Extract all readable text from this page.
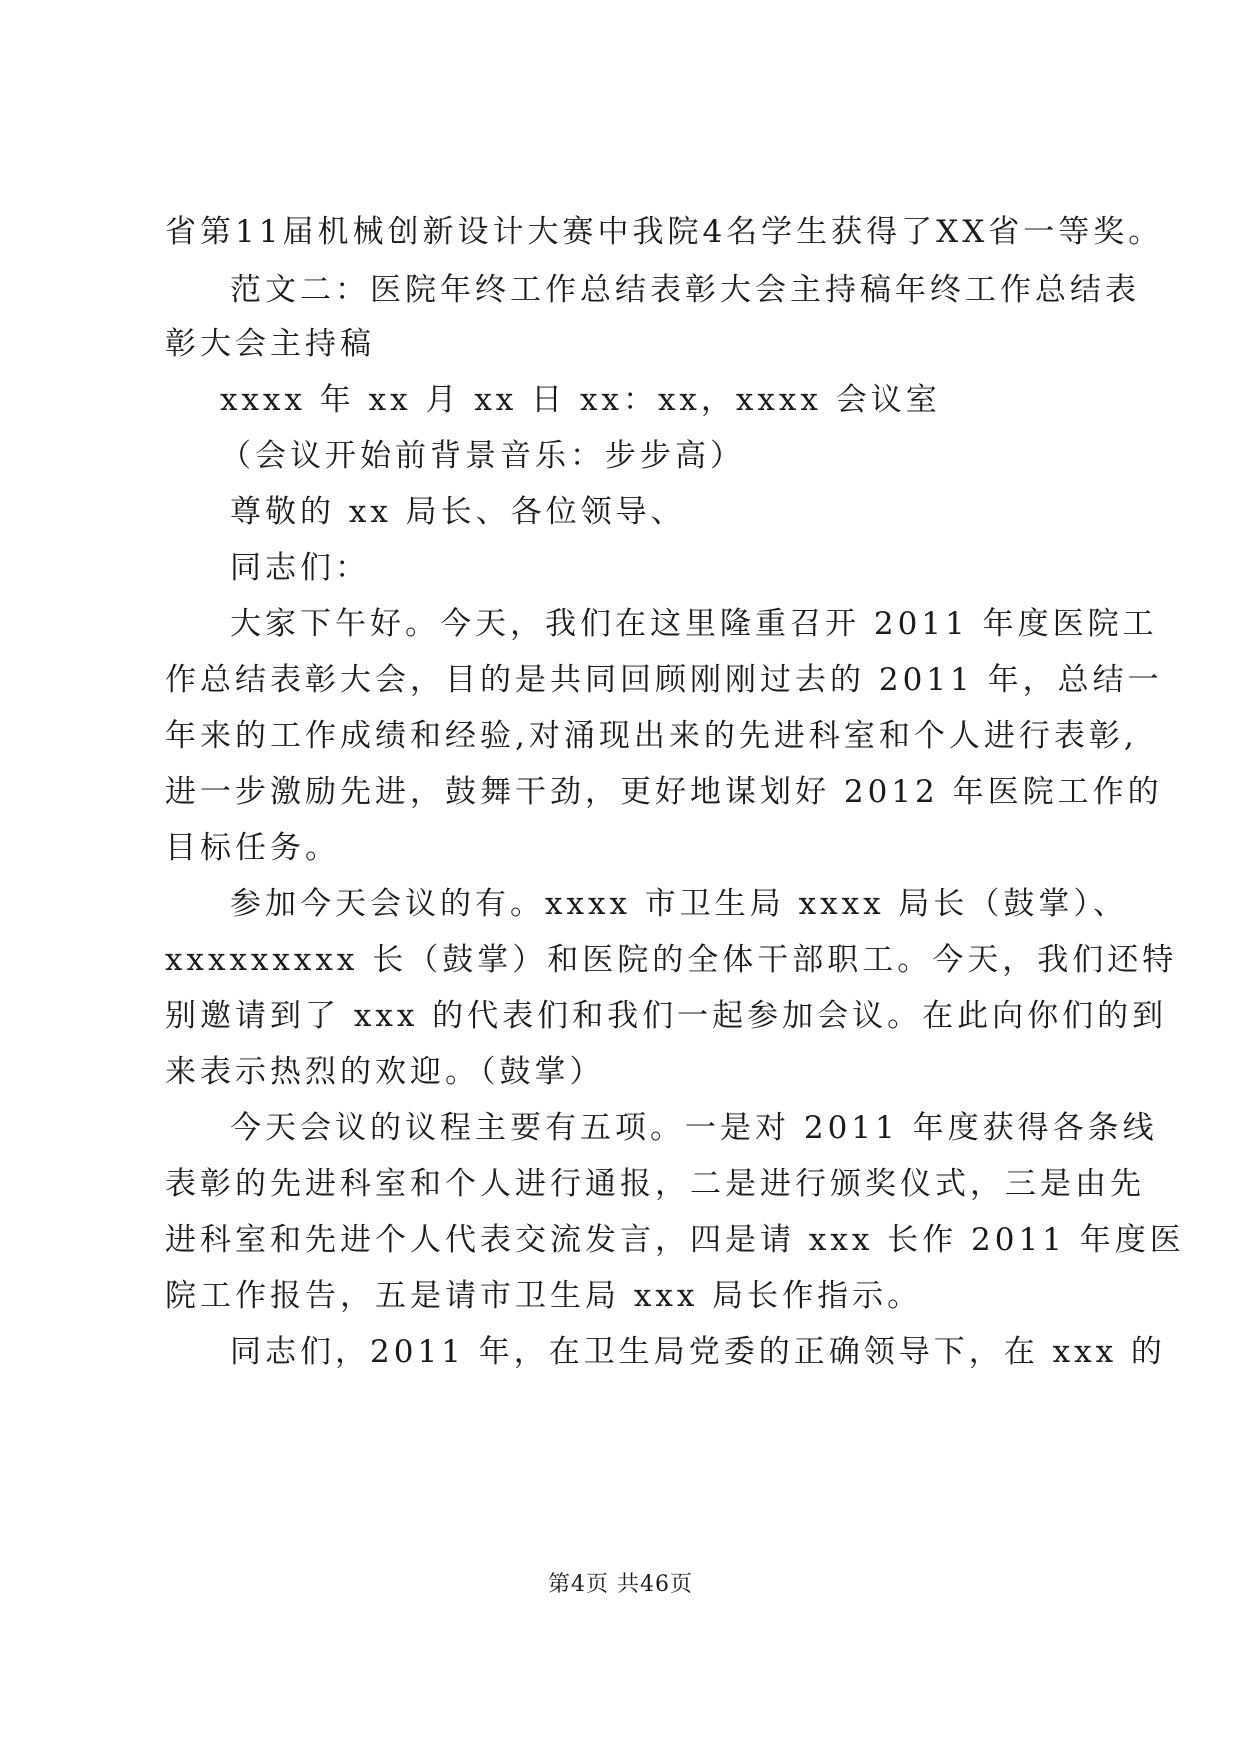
省第11届机械创新设计大赛中我院4名学生获得了XX省一等奖。
范文二：医院年终工作总结表彰大会主持稿年终工作总结表
彰大会主持稿
xxxx 年 xx 月 xx 日 xx：xx，xxxx 会议室
（会议开始前背景音乐：步步高）
尊敬的 xx 局长、各位领导、
同志们：
大家下午好。今天，我们在这里隆重召开 2011 年度医院工
作总结表彰大会，目的是共同回顾刚刚过去的 2011 年，总结一
年来的工作成绩和经验,对涌现出来的先进科室和个人进行表彰,
进一步激励先进，鼓舞干劲，更好地谋划好 2012 年医院工作的
目标任务。
参加今天会议的有。xxxx 市卫生局 xxxx 局长（鼓掌）、
xxxxxxxxx 长（鼓掌）和医院的全体干部职工。今天，我们还特
别邀请到了 xxx 的代表们和我们一起参加会议。在此向你们的到
来表示热烈的欢迎。（鼓掌）
今天会议的议程主要有五项。一是对 2011 年度获得各条线
表彰的先进科室和个人进行通报，二是进行颁奖仪式，三是由先
进科室和先进个人代表交流发言，四是请 xxx 长作 2011 年度医
院工作报告，五是请市卫生局 xxx 局长作指示。
同志们，2011 年，在卫生局党委的正确领导下，在 xxx 的
第4页 共46页
